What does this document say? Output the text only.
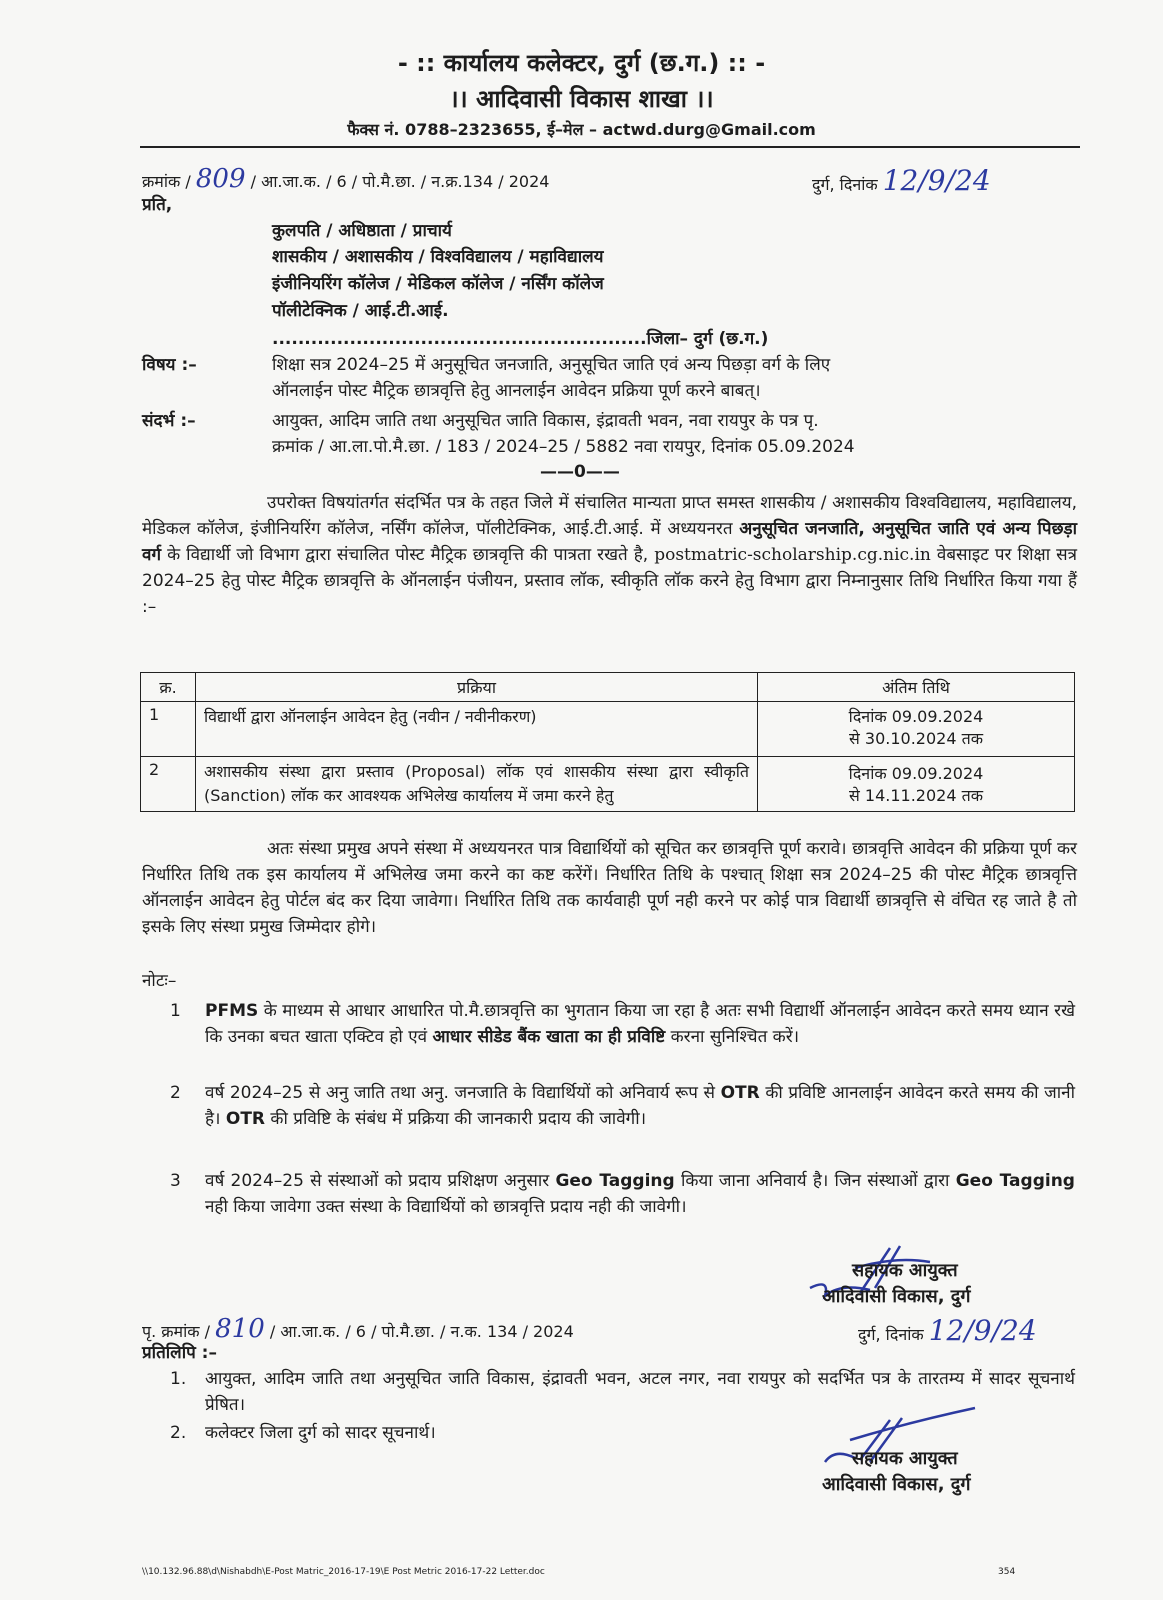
- :: कार्यालय कलेक्टर, दुर्ग (छ.ग.) :: -
।। आदिवासी विकास शाखा ।।
फैक्स नं. 0788–2323655, ई–मेल – actwd.durg@Gmail.com
क्रमांक / 809 / आ.जा.क. / 6 / पो.मै.छा. / न.क्र.134 / 2024	दुर्ग, दिनांक 12/9/24
प्रति,
कुलपति / अधिष्ठाता / प्राचार्य
शासकीय / अशासकीय / विश्वविद्यालय / महाविद्यालय
इंजीनियरिंग कॉलेज / मेडिकल कॉलेज / नर्सिंग कॉलेज
पॉलीटेक्निक / आई.टी.आई.
..........................................................जिला– दुर्ग (छ.ग.)
विषय :–	शिक्षा सत्र 2024–25 में अनुसूचित जनजाति, अनुसूचित जाति एवं अन्य पिछड़ा वर्ग के लिए
ऑनलाईन पोस्ट मैट्रिक छात्रवृत्ति हेतु आनलाईन आवेदन प्रक्रिया पूर्ण करने बाबत्।
संदर्भ :–	आयुक्त, आदिम जाति तथा अनुसूचित जाति विकास, इंद्रावती भवन, नवा रायपुर के पत्र पृ.
क्रमांक / आ.ला.पो.मै.छा. / 183 / 2024–25 / 5882 नवा रायपुर, दिनांक 05.09.2024
——0——
उपरोक्त विषयांतर्गत संदर्भित पत्र के तहत जिले में संचालित मान्यता प्राप्त समस्त शासकीय / अशासकीय विश्वविद्यालय, महाविद्यालय, मेडिकल कॉलेज, इंजीनियरिंग कॉलेज, नर्सिंग कॉलेज, पॉलीटेक्निक, आई.टी.आई. में अध्ययनरत अनुसूचित जनजाति, अनुसूचित जाति एवं अन्य पिछड़ा वर्ग के विद्यार्थी जो विभाग द्वारा संचालित पोस्ट मैट्रिक छात्रवृत्ति की पात्रता रखते है, postmatric-scholarship.cg.nic.in वेबसाइट पर शिक्षा सत्र 2024–25 हेतु पोस्ट मैट्रिक छात्रवृत्ति के ऑनलाईन पंजीयन, प्रस्ताव लॉक, स्वीकृति लॉक करने हेतु विभाग द्वारा निम्नानुसार तिथि निर्धारित किया गया हैं :–
क्र.	प्रक्रिया	अंतिम तिथि
1	विद्यार्थी द्वारा ऑनलाईन आवेदन हेतु (नवीन / नवीनीकरण)	दिनांक 09.09.2024
से 30.10.2024 तक

2	अशासकीय संस्था द्वारा प्रस्ताव (Proposal) लॉक एवं शासकीय संस्था द्वारा स्वीकृति (Sanction) लॉक कर आवश्यक अभिलेख कार्यालय में जमा करने हेतु	दिनांक 09.09.2024
से 14.11.2024 तक
अतः संस्था प्रमुख अपने संस्था में अध्ययनरत पात्र विद्यार्थियों को सूचित कर छात्रवृत्ति पूर्ण करावे। छात्रवृत्ति आवेदन की प्रक्रिया पूर्ण कर निर्धारित तिथि तक इस कार्यालय में अभिलेख जमा करने का कष्ट करेंगें। निर्धारित तिथि के पश्चात् शिक्षा सत्र 2024–25 की पोस्ट मैट्रिक छात्रवृत्ति ऑनलाईन आवेदन हेतु पोर्टल बंद कर दिया जावेगा। निर्धारित तिथि तक कार्यवाही पूर्ण नही करने पर कोई पात्र विद्यार्थी छात्रवृत्ति से वंचित रह जाते है तो इसके लिए संस्था प्रमुख जिम्मेदार होगे।
नोटः–
1 PFMS के माध्यम से आधार आधारित पो.मै.छात्रवृत्ति का भुगतान किया जा रहा है अतः सभी विद्यार्थी ऑनलाईन आवेदन करते समय ध्यान रखे कि उनका बचत खाता एक्टिव हो एवं आधार सीडेड बैंक खाता का ही प्रविष्टि करना सुनिश्चित करें।
2 वर्ष 2024–25 से अनु जाति तथा अनु. जनजाति के विद्यार्थियों को अनिवार्य रूप से OTR की प्रविष्टि आनलाईन आवेदन करते समय की जानी है। OTR की प्रविष्टि के संबंध में प्रक्रिया की जानकारी प्रदाय की जावेगी।
3 वर्ष 2024–25 से संस्थाओं को प्रदाय प्रशिक्षण अनुसार Geo Tagging किया जाना अनिवार्य है। जिन संस्थाओं द्वारा Geo Tagging नही किया जावेगा उक्त संस्था के विद्यार्थियों को छात्रवृत्ति प्रदाय नही की जावेगी।
सहायक आयुक्त
आदिवासी विकास, दुर्ग
पृ. क्रमांक / 810 / आ.जा.क. / 6 / पो.मै.छा. / न.क. 134 / 2024	दुर्ग, दिनांक 12/9/24
प्रतिलिपि :–
1. आयुक्त, आदिम जाति तथा अनुसूचित जाति विकास, इंद्रावती भवन, अटल नगर, नवा रायपुर को सदर्भित पत्र के तारतम्य में सादर सूचनार्थ प्रेषित।
2. कलेक्टर जिला दुर्ग को सादर सूचनार्थ।
सहायक आयुक्त
आदिवासी विकास, दुर्ग
\\10.132.96.88\d\Nishabdh\E-Post Matric_2016-17-19\E Post Metric 2016-17-22 Letter.doc	354
